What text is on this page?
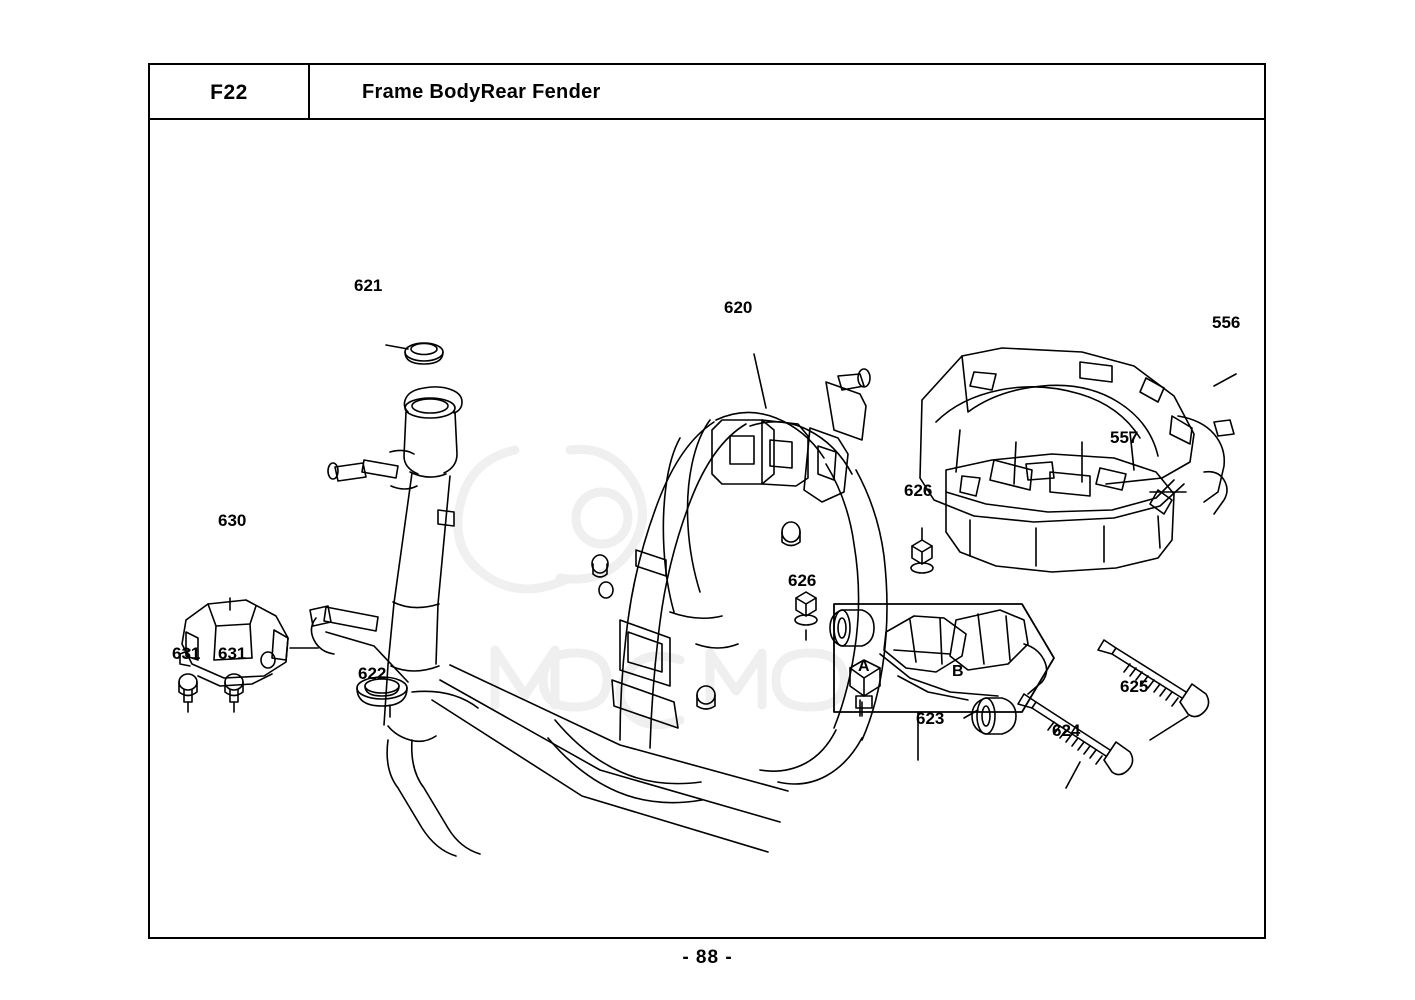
F22	Frame BodyRear Fender
621
620
556
557
630
626
626
631 631
622
623
624
625
A	B
- 88 -
